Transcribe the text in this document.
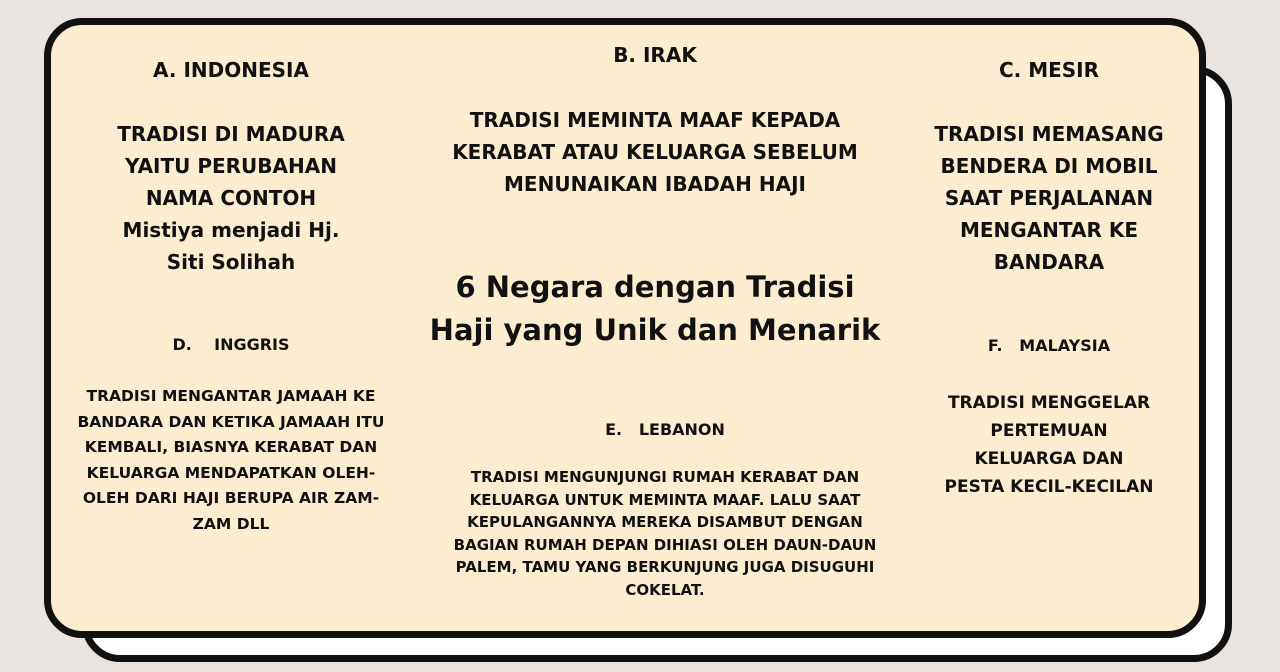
A. INDONESIA
TRADISI DI MADURA
YAITU PERUBAHAN
NAMA CONTOH
Mistiya menjadi Hj.
Siti Solihah
B. IRAK
TRADISI MEMINTA MAAF KEPADA
KERABAT ATAU KELUARGA SEBELUM
MENUNAIKAN IBADAH HAJI
C. MESIR
TRADISI MEMASANG
BENDERA DI MOBIL
SAAT PERJALANAN
MENGANTAR KE
BANDARA
6 Negara dengan Tradisi
Haji yang Unik dan Menarik
D.    INGGRIS
TRADISI MENGANTAR JAMAAH KE
BANDARA DAN KETIKA JAMAAH ITU
KEMBALI, BIASNYA KERABAT DAN
KELUARGA MENDAPATKAN OLEH-
OLEH DARI HAJI BERUPA AIR ZAM-
ZAM DLL
E.   LEBANON
TRADISI MENGUNJUNGI RUMAH KERABAT DAN
KELUARGA UNTUK MEMINTA MAAF. LALU SAAT
KEPULANGANNYA MEREKA DISAMBUT DENGAN
BAGIAN RUMAH DEPAN DIHIASI OLEH DAUN-DAUN
PALEM, TAMU YANG BERKUNJUNG JUGA DISUGUHI
COKELAT.
F.   MALAYSIA
TRADISI MENGGELAR
PERTEMUAN
KELUARGA DAN
PESTA KECIL-KECILAN
